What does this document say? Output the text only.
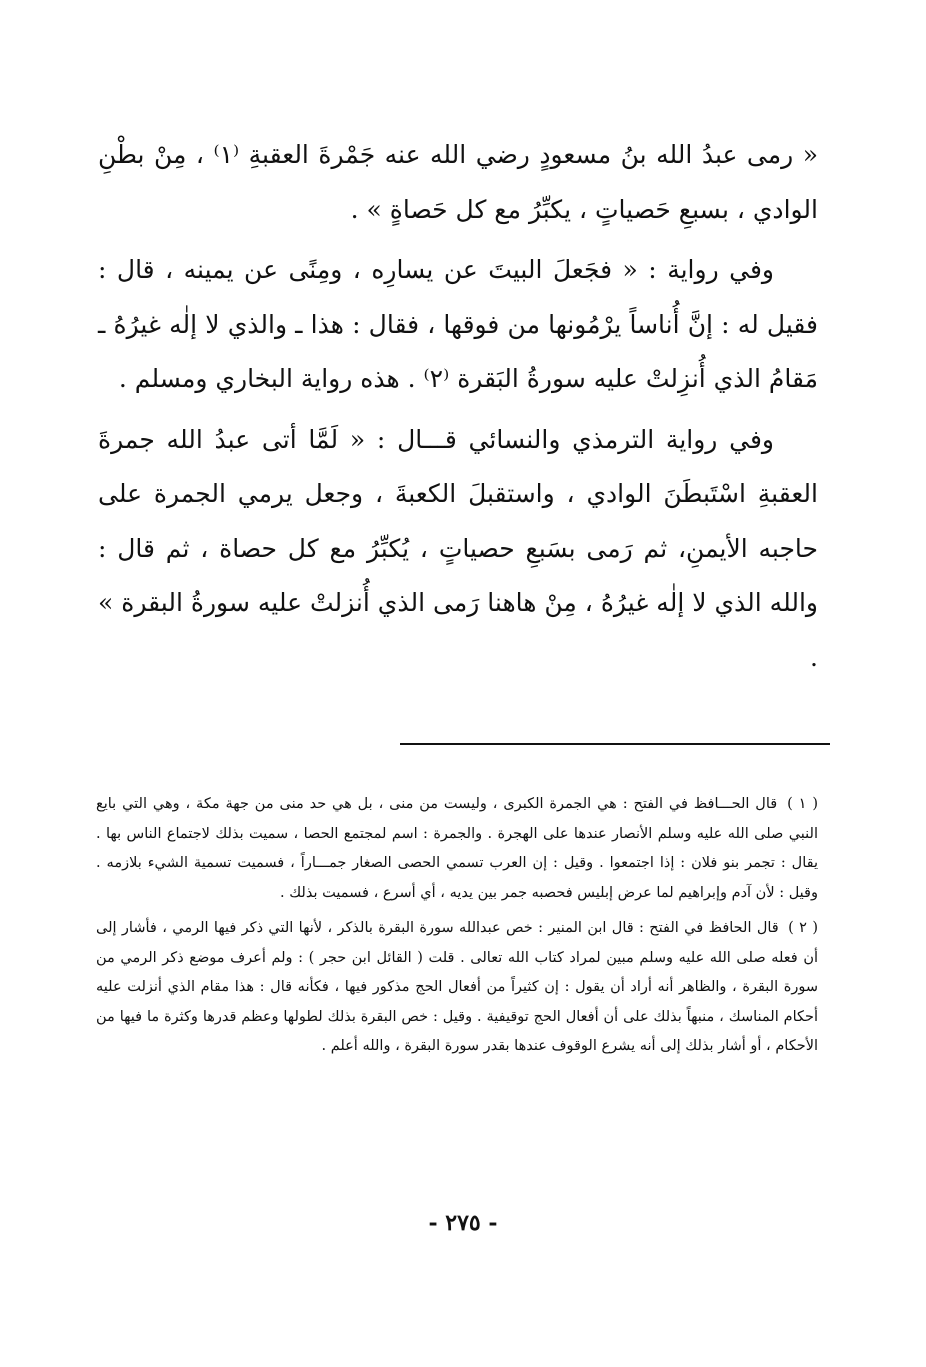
« رمى عبدُ الله بنُ مسعودٍ رضي الله عنه جَمْرةَ العقبةِ ⁽١⁾ ، مِنْ بطْنِ الوادي ، بسبعِ حَصياتٍ ، يكبِّرُ مع كل حَصاةٍ » .

وفي رواية : « فجَعلَ البيتَ عن يسارِه ، ومِنًى عن يمينه ، قال : فقيل له : إنَّ أُناساً يرْمُونها من فوقها ، فقال : هذا ـ والذي لا إلٰه غيرُهُ ـ مَقامُ الذي أُنزِلتْ عليه سورةُ البَقرة ⁽٢⁾ . هذه رواية البخاري ومسلم .

وفي رواية الترمذي والنسائي قـــال : « لَمَّا أتى عبدُ الله جمرةَ العقبةِ اسْتَبطَنَ الوادي ، واستقبلَ الكعبةَ ، وجعل يرمي الجمرة على حاجبه الأيمنِ، ثم رَمى بسَبعِ حصياتٍ ، يُكبِّرُ مع كل حصاة ، ثم قال : والله الذي لا إلٰه غيرُهُ ، مِنْ هاهنا رَمى الذي أُنزلتْ عليه سورةُ البقرة » .

( ١ ) قال الحـــافظ في الفتح : هي الجمرة الكبرى ، وليست من منى ، بل هي حد منى من جهة مكة ، وهي التي بايع النبي صلى الله عليه وسلم الأنصار عندها على الهجرة . والجمرة : اسم لمجتمع الحصا ، سميت بذلك لاجتماع الناس بها . يقال : تجمر بنو فلان : إذا اجتمعوا . وقيل : إن العرب تسمي الحصى الصغار جمـــاراً ، فسميت تسمية الشيء بلازمه . وقيل : لأن آدم وإبراهيم لما عرض إبليس فحصبه جمر بين يديه ، أي أسرع ، فسميت بذلك .

( ٢ ) قال الحافظ في الفتح : قال ابن المنير : خص عبدالله سورة البقرة بالذكر ، لأنها التي ذكر فيها الرمي ، فأشار إلى أن فعله صلى الله عليه وسلم مبين لمراد كتاب الله تعالى . قلت ( القائل ابن حجر ) : ولم أعرف موضع ذكر الرمي من سورة البقرة ، والظاهر أنه أراد أن يقول : إن كثيراً من أفعال الحج مذكور فيها ، فكأنه قال : هذا مقام الذي أنزلت عليه أحكام المناسك ، منبهاً بذلك على أن أفعال الحج توقيفية . وقيل : خص البقرة بذلك لطولها وعظم قدرها وكثرة ما فيها من الأحكام ، أو أشار بذلك إلى أنه يشرع الوقوف عندها بقدر سورة البقرة ، والله أعلم .

- ٢٧٥ -
